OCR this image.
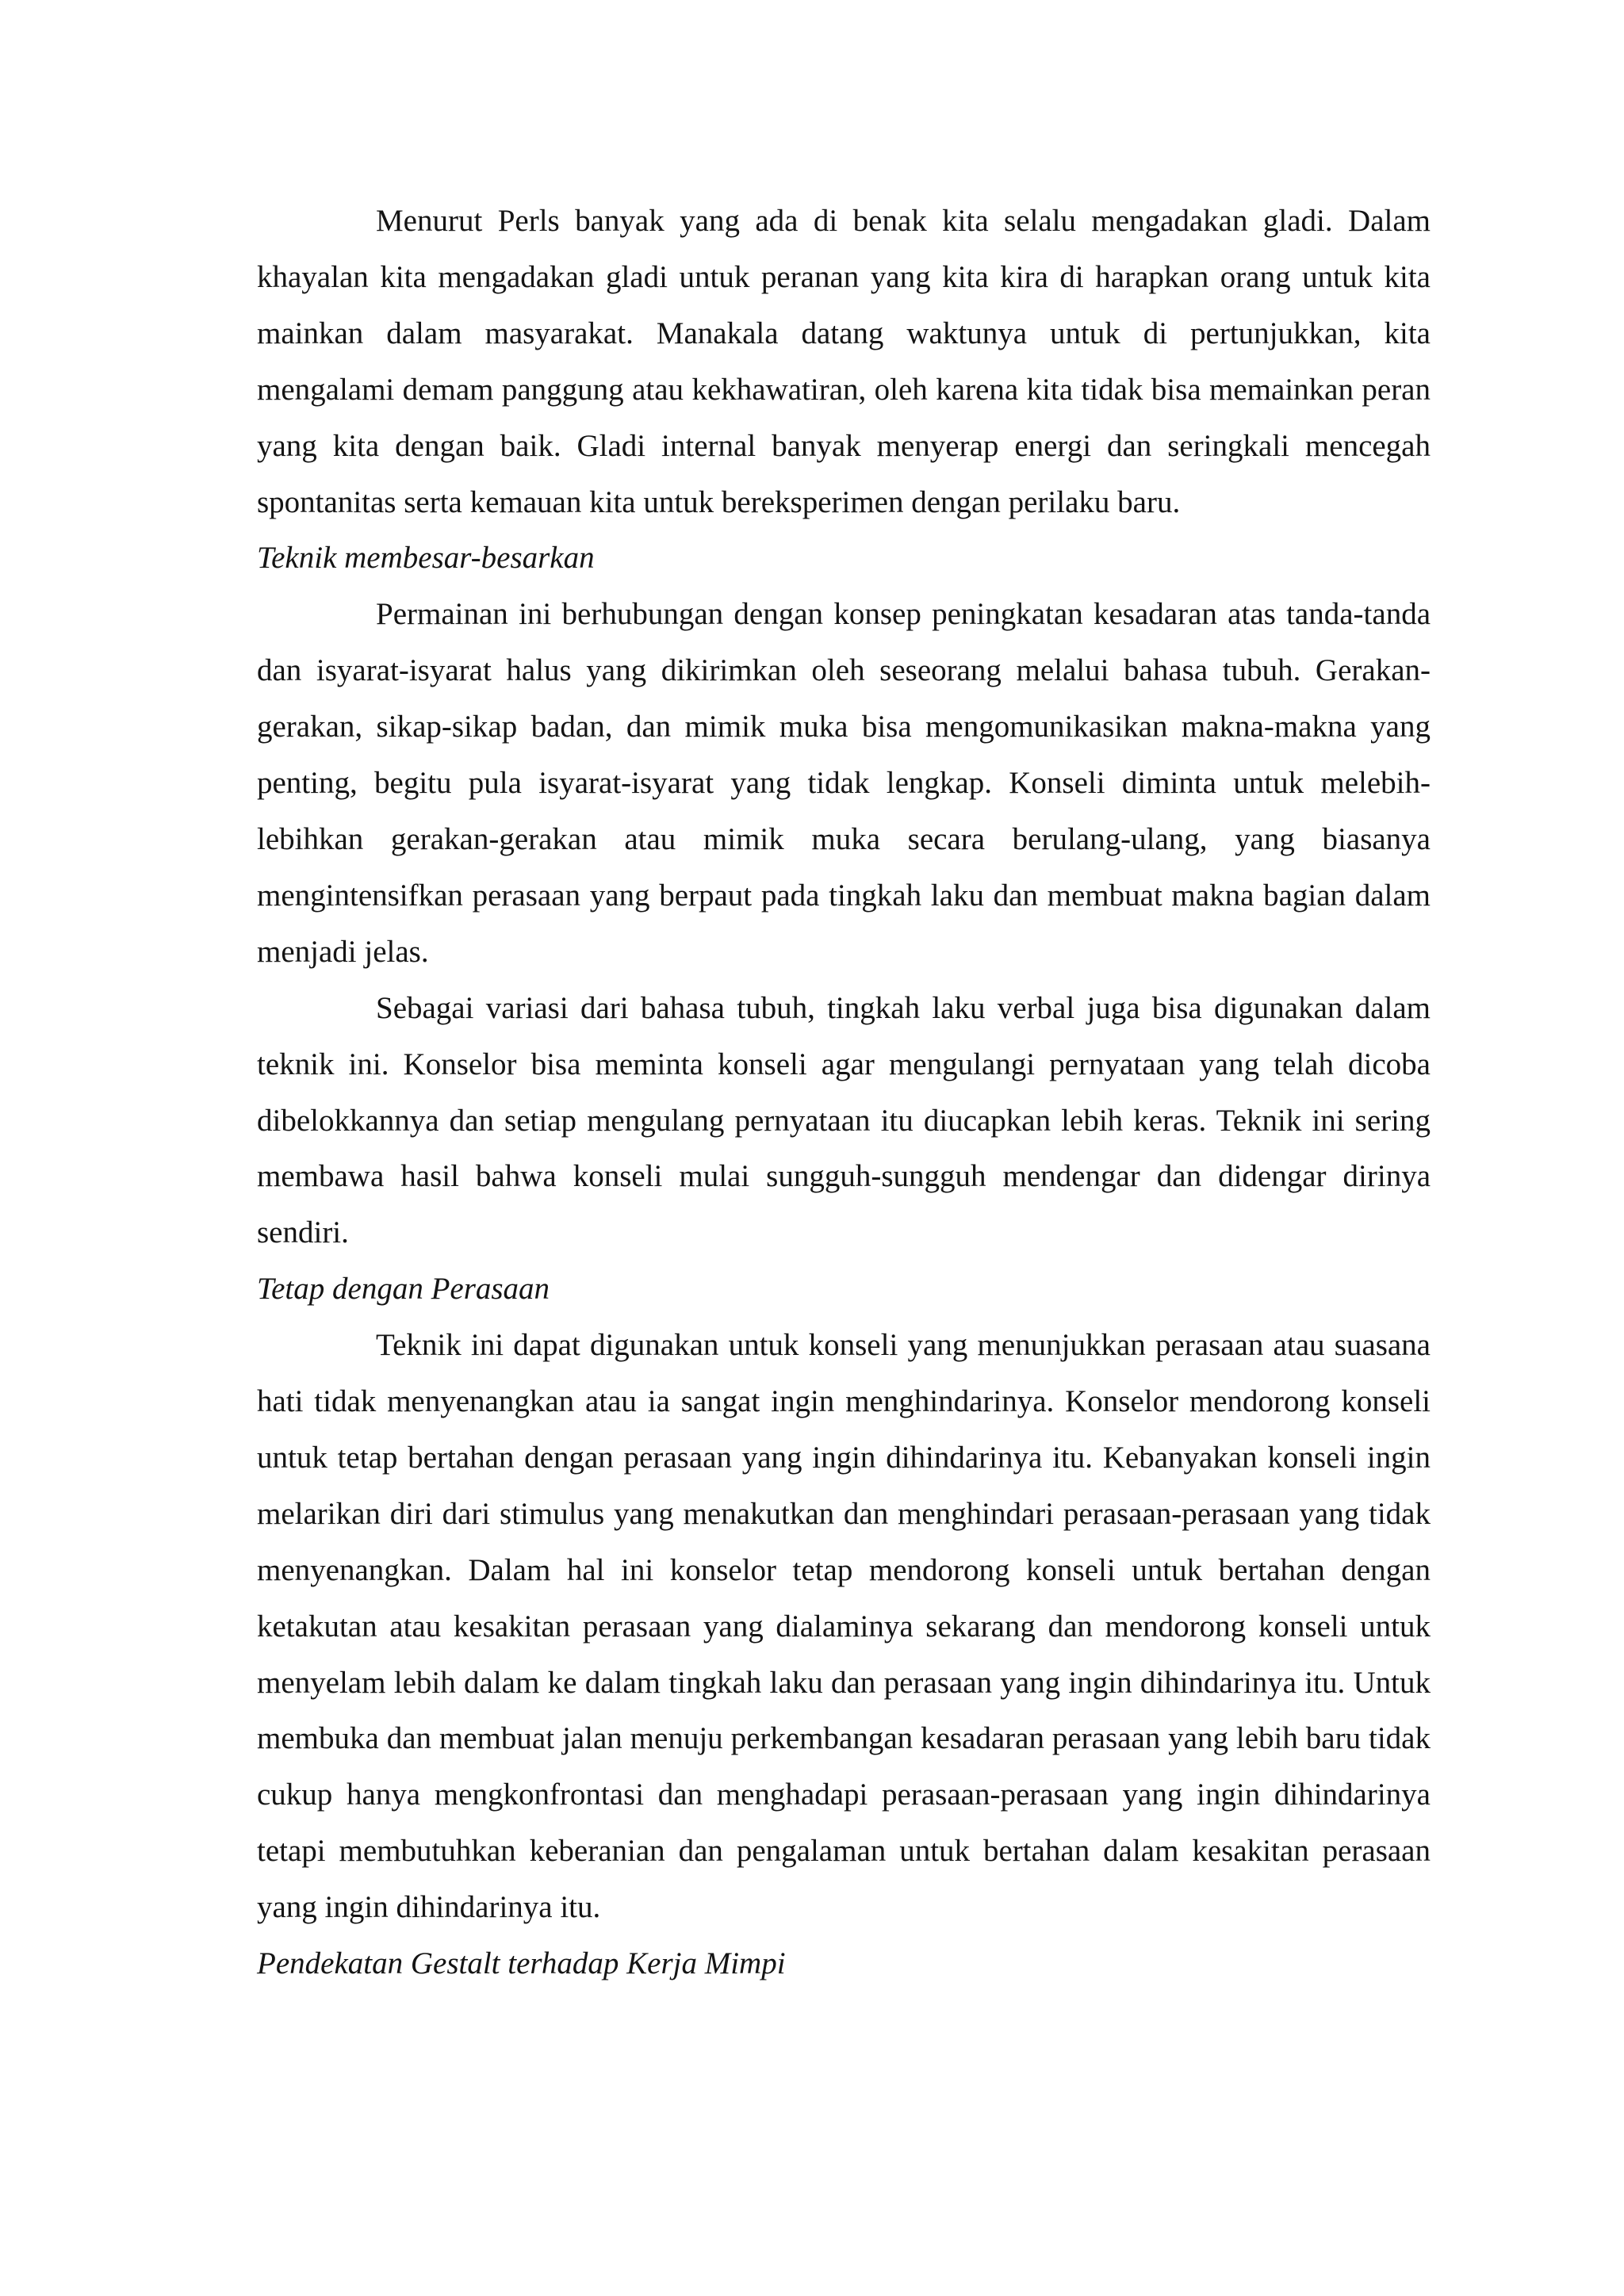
Menurut Perls banyak yang ada di benak kita selalu mengadakan gladi. Dalam khayalan kita mengadakan gladi untuk peranan yang kita kira di harapkan orang untuk kita mainkan dalam masyarakat. Manakala datang waktunya untuk di pertunjukkan, kita mengalami demam panggung atau kekhawatiran, oleh karena kita tidak bisa memainkan peran yang kita dengan baik. Gladi internal banyak menyerap energi dan seringkali mencegah spontanitas serta kemauan kita untuk bereksperimen dengan perilaku baru.

Teknik membesar-besarkan

Permainan ini berhubungan dengan konsep peningkatan kesadaran atas tanda-tanda dan isyarat-isyarat halus yang dikirimkan oleh seseorang melalui bahasa tubuh. Gerakan-gerakan, sikap-sikap badan, dan mimik muka bisa mengomunikasikan makna-makna yang penting, begitu pula isyarat-isyarat yang tidak lengkap. Konseli diminta untuk melebih-lebihkan gerakan-gerakan atau mimik muka secara berulang-ulang, yang biasanya mengintensifkan perasaan yang berpaut pada tingkah laku dan membuat makna bagian dalam menjadi jelas.

Sebagai variasi dari bahasa tubuh, tingkah laku verbal juga bisa digunakan dalam teknik ini. Konselor bisa meminta konseli agar mengulangi pernyataan yang telah dicoba dibelokkannya dan setiap mengulang pernyataan itu diucapkan lebih keras. Teknik ini sering membawa hasil bahwa konseli mulai sungguh-sungguh mendengar dan didengar dirinya sendiri.

Tetap dengan Perasaan

Teknik ini dapat digunakan untuk konseli yang menunjukkan perasaan atau suasana hati tidak menyenangkan atau ia sangat ingin menghindarinya. Konselor mendorong konseli untuk tetap bertahan dengan perasaan yang ingin dihindarinya itu. Kebanyakan konseli ingin melarikan diri dari stimulus yang menakutkan dan menghindari perasaan-perasaan yang tidak menyenangkan. Dalam hal ini konselor tetap mendorong konseli untuk bertahan dengan ketakutan atau kesakitan perasaan yang dialaminya sekarang dan mendorong konseli untuk menyelam lebih dalam ke dalam tingkah laku dan perasaan yang ingin dihindarinya itu. Untuk membuka dan membuat jalan menuju perkembangan kesadaran perasaan yang lebih baru tidak cukup hanya mengkonfrontasi dan menghadapi perasaan-perasaan yang ingin dihindarinya tetapi membutuhkan keberanian dan pengalaman untuk bertahan dalam kesakitan perasaan yang ingin dihindarinya itu.

Pendekatan Gestalt terhadap Kerja Mimpi
